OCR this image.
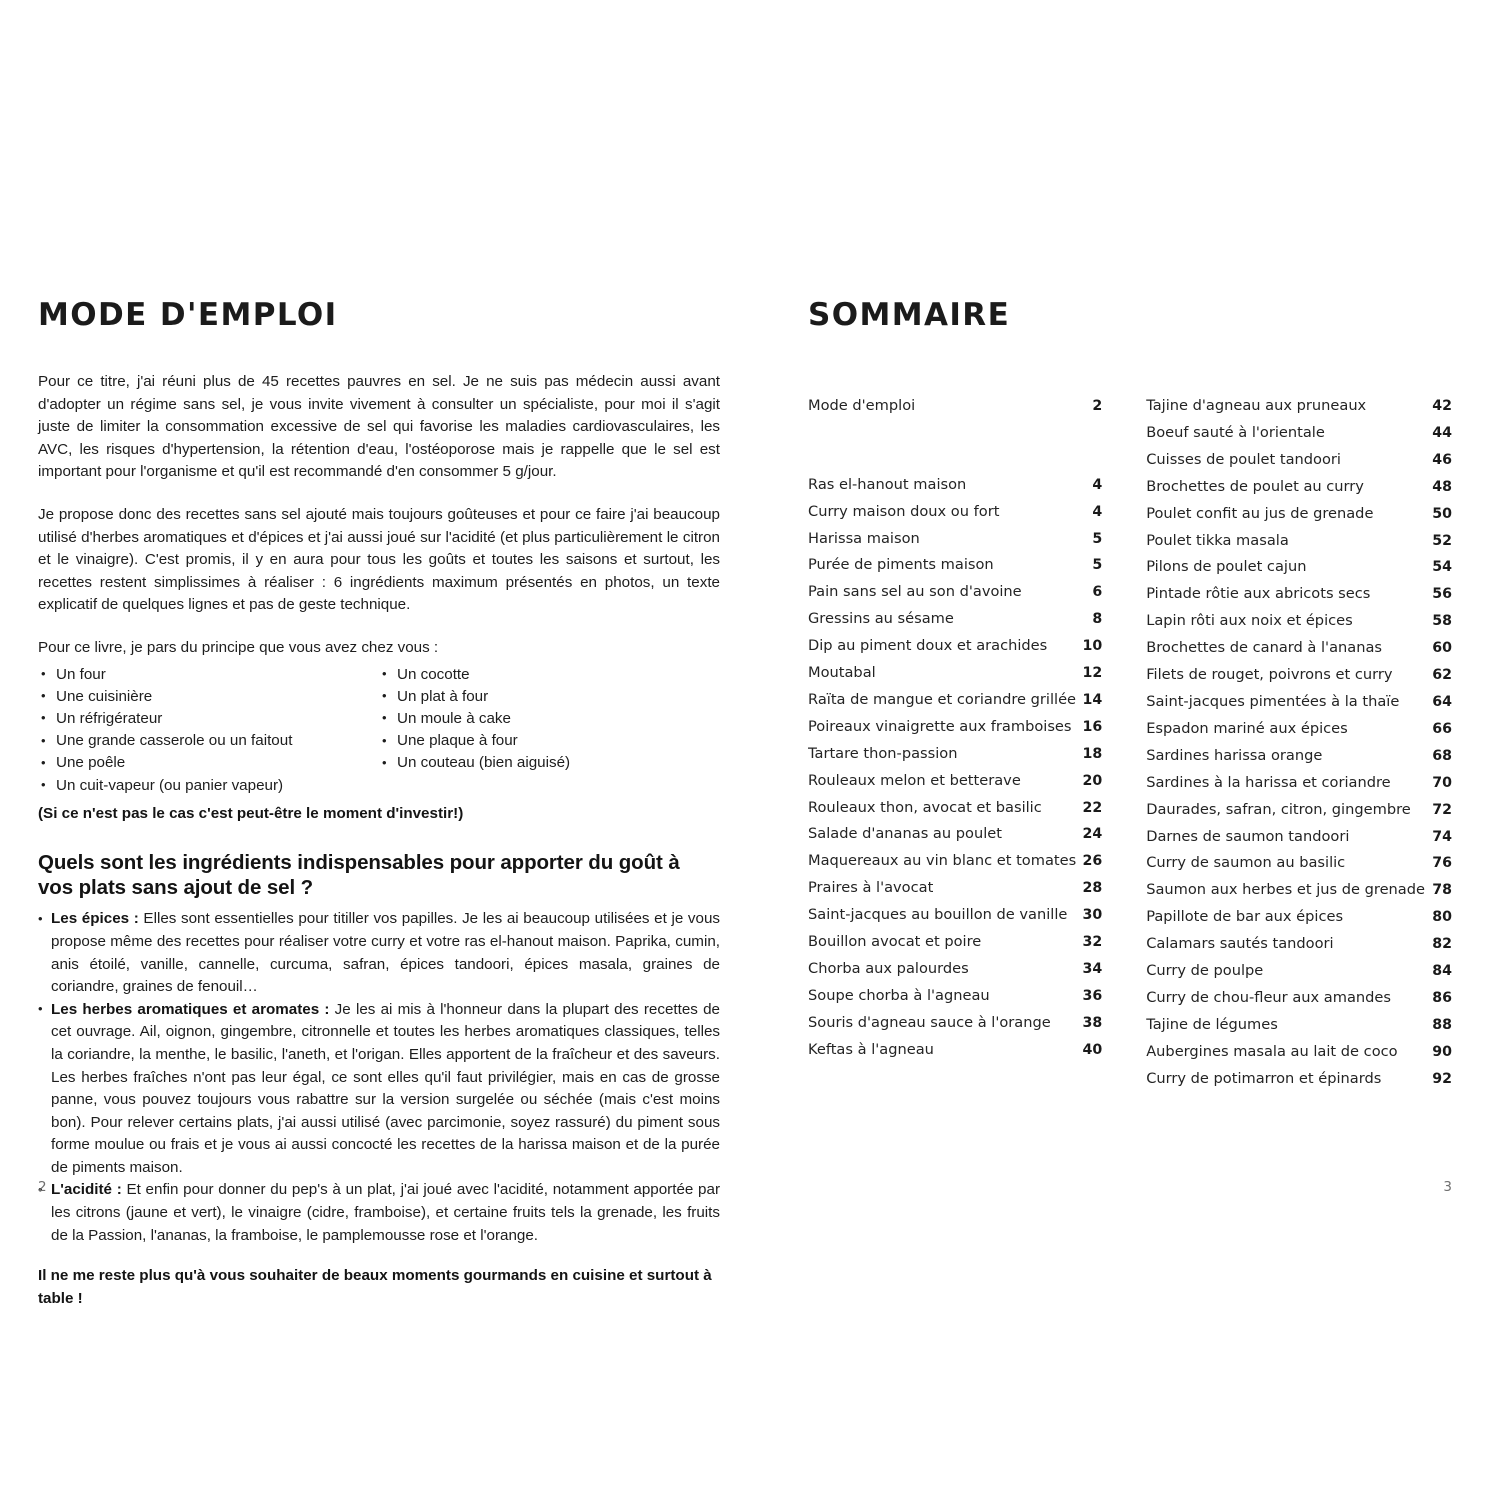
MODE D'EMPLOI

Pour ce titre, j'ai réuni plus de 45 recettes pauvres en sel. Je ne suis pas médecin aussi avant d'adopter un régime sans sel, je vous invite vivement à consulter un spécialiste, pour moi il s'agit juste de limiter la consommation excessive de sel qui favorise les maladies cardiovasculaires, les AVC, les risques d'hypertension, la rétention d'eau, l'ostéoporose mais je rappelle que le sel est important pour l'organisme et qu'il est recommandé d'en consommer 5 g/jour.

Je propose donc des recettes sans sel ajouté mais toujours goûteuses et pour ce faire j'ai beaucoup utilisé d'herbes aromatiques et d'épices et j'ai aussi joué sur l'acidité (et plus particulièrement le citron et le vinaigre). C'est promis, il y en aura pour tous les goûts et toutes les saisons et surtout, les recettes restent simplissimes à réaliser : 6 ingrédients maximum présentés en photos, un texte explicatif de quelques lignes et pas de geste technique.

Pour ce livre, je pars du principe que vous avez chez vous :

• Un four
• Une cuisinière
• Un réfrigérateur
• Une grande casserole ou un faitout
• Une poêle
• Un cuit-vapeur (ou panier vapeur)
• Un cocotte
• Un plat à four
• Un moule à cake
• Une plaque à four
• Un couteau (bien aiguisé)

(Si ce n'est pas le cas c'est peut-être le moment d'investir!)

Quels sont les ingrédients indispensables pour apporter du goût à vos plats sans ajout de sel ?
• Les épices : Elles sont essentielles pour titiller vos papilles. Je les ai beaucoup utilisées et je vous propose même des recettes pour réaliser votre curry et votre ras el-hanout maison. Paprika, cumin, anis étoilé, vanille, cannelle, curcuma, safran, épices tandoori, épices masala, graines de coriandre, graines de fenouil…
• Les herbes aromatiques et aromates : Je les ai mis à l'honneur dans la plupart des recettes de cet ouvrage. Ail, oignon, gingembre, citronnelle et toutes les herbes aromatiques classiques, telles la coriandre, la menthe, le basilic, l'aneth, et l'origan. Elles apportent de la fraîcheur et des saveurs. Les herbes fraîches n'ont pas leur égal, ce sont elles qu'il faut privilégier, mais en cas de grosse panne, vous pouvez toujours vous rabattre sur la version surgelée ou séchée (mais c'est moins bon). Pour relever certains plats, j'ai aussi utilisé (avec parcimonie, soyez rassuré) du piment sous forme moulue ou frais et je vous ai aussi concocté les recettes de la harissa maison et de la purée de piments maison.
• L'acidité : Et enfin pour donner du pep's à un plat, j'ai joué avec l'acidité, notamment apportée par les citrons (jaune et vert), le vinaigre (cidre, framboise), et certaine fruits tels la grenade, les fruits de la Passion, l'ananas, la framboise, le pamplemousse rose et l'orange.

Il ne me reste plus qu'à vous souhaiter de beaux moments gourmands en cuisine et surtout à table !

2
SOMMAIRE
Mode d'emploi	2
Ras el-hanout maison	4
Curry maison doux ou fort	4
Harissa maison	5
Purée de piments maison	5
Pain sans sel au son d'avoine	6
Gressins au sésame	8
Dip au piment doux et arachides	10
Moutabal	12
Raïta de mangue et coriandre grillée 14
Poireaux vinaigrette aux framboises 16
Tartare thon-passion	18
Rouleaux melon et betterave	20
Rouleaux thon, avocat et basilic	22
Salade d'ananas au poulet	24
Maquereaux au vin blanc et tomates 26
Praires à l'avocat	28
Saint-jacques au bouillon de vanille	30
Bouillon avocat et poire	32
Chorba aux palourdes	34
Soupe chorba à l'agneau	36
Souris d'agneau sauce à l'orange	38
Keftas à l'agneau	40
Tajine d'agneau aux pruneaux	42
Boeuf sauté à l'orientale	44
Cuisses de poulet tandoori	46
Brochettes de poulet au curry	48
Poulet confit au jus de grenade	50
Poulet tikka masala	52
Pilons de poulet cajun	54
Pintade rôtie aux abricots secs	56
Lapin rôti aux noix et épices	58
Brochettes de canard à l'ananas	60
Filets de rouget, poivrons et curry	62
Saint-jacques pimentées à la thaïe	64
Espadon mariné aux épices	66
Sardines harissa orange	68
Sardines à la harissa et coriandre	70
Daurades, safran, citron, gingembre	72
Darnes de saumon tandoori	74
Curry de saumon au basilic	76
Saumon aux herbes et jus de grenade 78
Papillote de bar aux épices	80
Calamars sautés tandoori	82
Curry de poulpe	84
Curry de chou-fleur aux amandes	86
Tajine de légumes	88
Aubergines masala au lait de coco	90
Curry de potimarron et épinards	92
3
